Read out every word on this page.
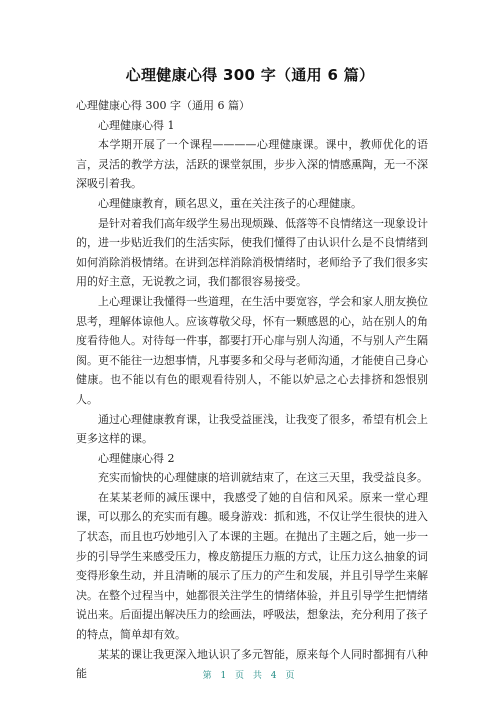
心理健康心得 300 字（通用 6 篇）

心理健康心得 300 字（通用 6 篇）

心理健康心得 1

本学期开展了一个课程————心理健康课。课中，教师优化的语言，灵活的教学方法，活跃的课堂氛围，步步入深的情感熏陶，无一不深深吸引着我。

心理健康教育，顾名思义，重在关注孩子的心理健康。

是针对着我们高年级学生易出现烦躁、低落等不良情绪这一现象设计的，进一步贴近我们的生活实际，使我们懂得了由认识什么是不良情绪到如何消除消极情绪。在讲到怎样消除消极情绪时，老师给予了我们很多实用的好主意，无说教之词，我们都很容易接受。

上心理课让我懂得一些道理，在生活中要宽容，学会和家人朋友换位思考，理解体谅他人。应该尊敬父母，怀有一颗感恩的心，站在别人的角度看待他人。对待每一件事，都要打开心扉与别人沟通，不与别人产生隔阂。更不能往一边想事情，凡事要多和父母与老师沟通，才能使自己身心健康。也不能以有色的眼观看待别人，不能以妒忌之心去排挤和怨恨别人。

通过心理健康教育课，让我受益匪浅，让我变了很多，希望有机会上更多这样的课。

心理健康心得 2

充实而愉快的心理健康的培训就结束了，在这三天里，我受益良多。

在某某老师的减压课中，我感受了她的自信和风采。原来一堂心理课，可以那么的充实而有趣。暖身游戏：抓和逃，不仅让学生很快的进入了状态，而且也巧妙地引入了本课的主题。在抛出了主题之后，她一步一步的引导学生来感受压力，橡皮筋提压力瓶的方式，让压力这么抽象的词变得形象生动，并且清晰的展示了压力的产生和发展，并且引导学生来解决。在整个过程当中，她都很关注学生的情绪体验，并且引导学生把情绪说出来。后面提出解决压力的绘画法，呼吸法，想象法，充分利用了孩子的特点，简单却有效。

某某的课让我更深入地认识了多元智能，原来每个人同时都拥有八种能	第 1 页 共 4 页
